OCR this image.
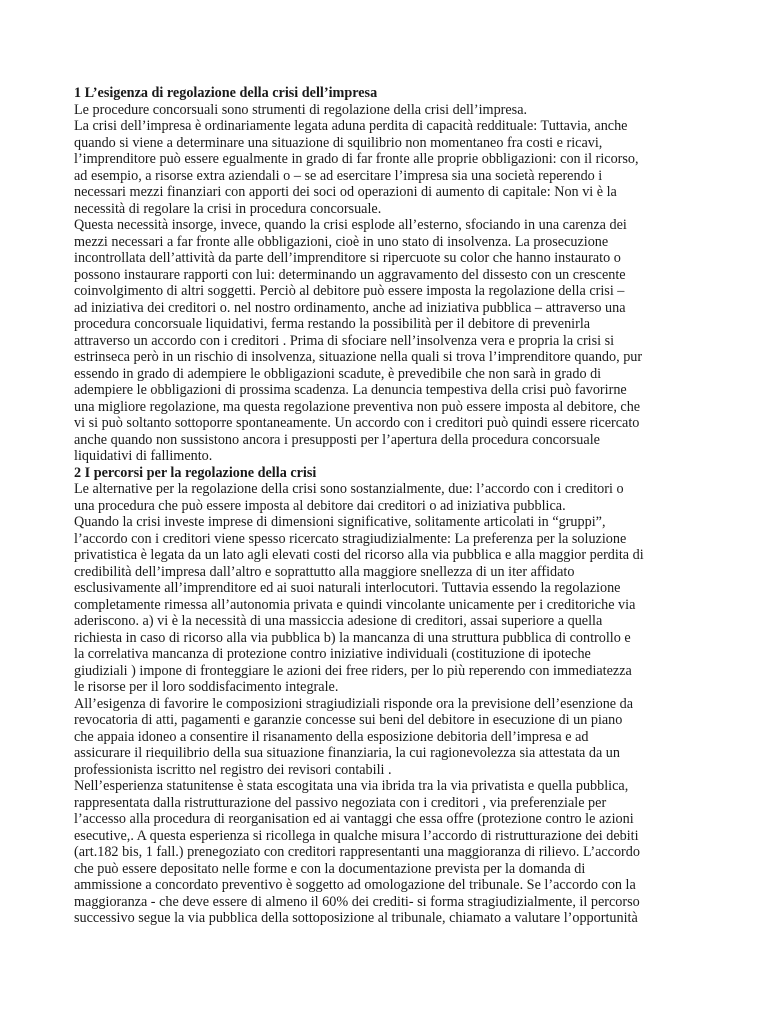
1 L’esigenza di regolazione della crisi dell’impresa

Le procedure concorsuali sono strumenti di regolazione della crisi dell’impresa.

La crisi dell’impresa è ordinariamente legata aduna perdita di capacità reddituale: Tuttavia, anche

quando si viene a determinare una situazione di squilibrio non momentaneo fra costi e ricavi,

l’imprenditore può essere egualmente in grado di far fronte alle proprie obbligazioni: con il ricorso,

ad esempio, a risorse extra aziendali o – se ad esercitare l’impresa sia una società reperendo i

necessari mezzi finanziari con apporti dei soci od operazioni di aumento di capitale: Non vi è la

necessità di regolare la crisi in procedura concorsuale.

Questa necessità insorge, invece, quando la crisi esplode all’esterno, sfociando in una carenza dei

mezzi necessari a far fronte alle obbligazioni, cioè in uno stato di insolvenza. La prosecuzione

incontrollata dell’attività da parte dell’imprenditore si ripercuote su color che hanno instaurato o

possono instaurare rapporti con lui: determinando un aggravamento del dissesto con un crescente

coinvolgimento di altri soggetti. Perciò al debitore può essere imposta la regolazione della crisi –

ad iniziativa dei creditori o. nel nostro ordinamento, anche ad iniziativa pubblica – attraverso una

procedura concorsuale liquidativi, ferma restando la possibilità per il debitore di prevenirla

attraverso un accordo con i creditori . Prima di sfociare nell’insolvenza vera e propria la crisi si

estrinseca però in un rischio di insolvenza, situazione nella quali si trova l’imprenditore quando, pur

essendo in grado di adempiere le obbligazioni scadute, è prevedibile che non sarà in grado di

adempiere le obbligazioni di prossima scadenza. La denuncia tempestiva della crisi può favorirne

una migliore regolazione, ma questa regolazione preventiva non può essere imposta al debitore, che

vi si può soltanto sottoporre spontaneamente. Un accordo con i creditori può quindi essere ricercato

anche quando non sussistono ancora i presupposti per l’apertura della procedura concorsuale

liquidativi di fallimento.

2 I percorsi per la regolazione della crisi

Le alternative per la regolazione della crisi sono sostanzialmente, due: l’accordo con i creditori o

una procedura che può essere imposta al debitore dai creditori o ad iniziativa pubblica.

Quando la crisi investe imprese di dimensioni significative, solitamente articolati in “gruppi”,

l’accordo con i creditori viene spesso ricercato stragiudizialmente: La preferenza per la soluzione

privatistica è legata da un lato agli elevati costi del ricorso alla via pubblica e alla maggior perdita di

credibilità dell’impresa dall’altro e soprattutto alla maggiore snellezza di un iter affidato

esclusivamente all’imprenditore ed ai suoi naturali interlocutori. Tuttavia essendo la regolazione

completamente rimessa all’autonomia privata e quindi vincolante unicamente per i creditoriche via

aderiscono. a) vi è la necessità di una massiccia adesione di creditori, assai superiore a quella

richiesta in caso di ricorso alla via pubblica b) la mancanza di una struttura pubblica di controllo e

la correlativa mancanza di protezione contro iniziative individuali (costituzione di ipoteche

giudiziali ) impone di fronteggiare le azioni dei free riders, per lo più reperendo con immediatezza

le risorse per il loro soddisfacimento integrale.

All’esigenza di favorire le composizioni stragiudiziali risponde ora la previsione dell’esenzione da

revocatoria di atti, pagamenti e garanzie concesse sui beni del debitore in esecuzione di un piano

che appaia idoneo a consentire il risanamento della esposizione debitoria dell’impresa e ad

assicurare il riequilibrio della sua situazione finanziaria, la cui ragionevolezza sia attestata da un

professionista iscritto nel registro dei revisori contabili .

Nell’esperienza statunitense è stata escogitata una via ibrida tra la via privatista e quella pubblica,

rappresentata dalla ristrutturazione del passivo negoziata con i creditori , via preferenziale per

l’accesso alla procedura di reorganisation ed ai vantaggi che essa offre (protezione contro le azioni

esecutive,. A questa esperienza si ricollega in qualche misura l’accordo di ristrutturazione dei debiti

(art.182 bis, 1 fall.) prenegoziato con creditori rappresentanti una maggioranza di rilievo. L’accordo

che può essere depositato nelle forme e con la documentazione prevista per la domanda di

ammissione a concordato preventivo è soggetto ad omologazione del tribunale. Se l’accordo con la

maggioranza - che deve essere di almeno il 60% dei crediti- si forma stragiudizialmente, il percorso

successivo segue la via pubblica della sottoposizione al tribunale, chiamato a valutare l’opportunità
